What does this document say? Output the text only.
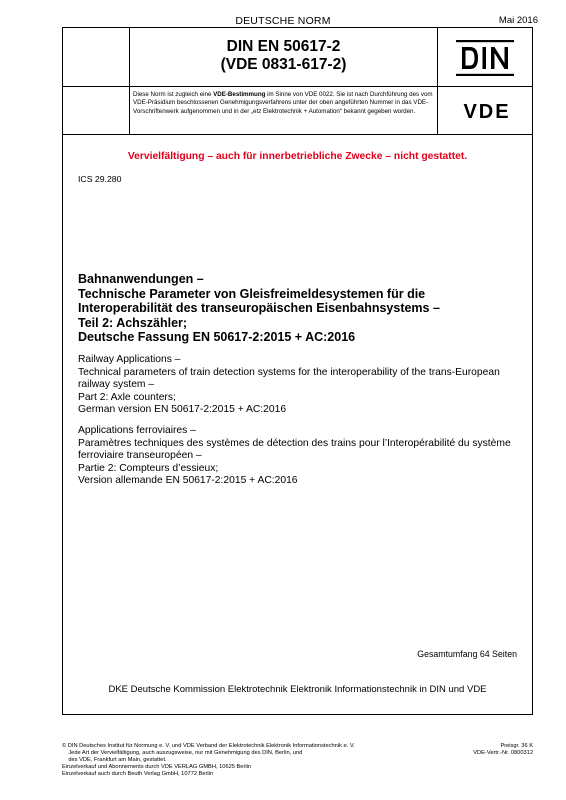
DEUTSCHE NORM	Mai 2016
DIN EN 50617-2
(VDE 0831-617-2)
VDE
Diese Norm ist zugleich eine VDE-Bestimmung im Sinne von VDE 0022. Sie ist nach Durchführung des vom VDE-Präsidium beschlossenen Genehmigungsverfahrens unter der oben angeführten Nummer in das VDE-Vorschriftenwerk aufgenommen und in der „etz Elektrotechnik + Automation“ bekannt gegeben worden.
Vervielfältigung – auch für innerbetriebliche Zwecke – nicht gestattet.
ICS 29.280
Bahnanwendungen –
Technische Parameter von Gleisfreimeldesystemen für die
Interoperabilität des transeuropäischen Eisenbahnsystems –
Teil 2: Achszähler;
Deutsche Fassung EN 50617-2:2015 + AC:2016
Railway Applications –
Technical parameters of train detection systems for the interoperability of the trans-European
railway system –
Part 2: Axle counters;
German version EN 50617-2:2015 + AC:2016
Applications ferroviaires –
Paramètres techniques des systèmes de détection des trains pour l’Interopérabilité du système
ferroviaire transeuropéen –
Partie 2: Compteurs d’essieux;
Version allemande EN 50617-2:2015 + AC:2016
Gesamtumfang 64 Seiten
DKE Deutsche Kommission Elektrotechnik Elektronik Informationstechnik in DIN und VDE
© DIN Deutsches Institut für Normung e. V. und VDE Verband der Elektrotechnik Elektronik Informationstechnik e. V.
Jede Art der Vervielfältigung, auch auszugsweise, nur mit Genehmigung des DIN, Berlin, und
des VDE, Frankfurt am Main, gestattet.
Einzelverkauf und Abonnements durch VDE VERLAG GMBH, 10625 Berlin
Einzelverkauf auch durch Beuth Verlag GmbH, 10772 Berlin
Preisgr. 36 K
VDE-Vertr.-Nr. 0800312
